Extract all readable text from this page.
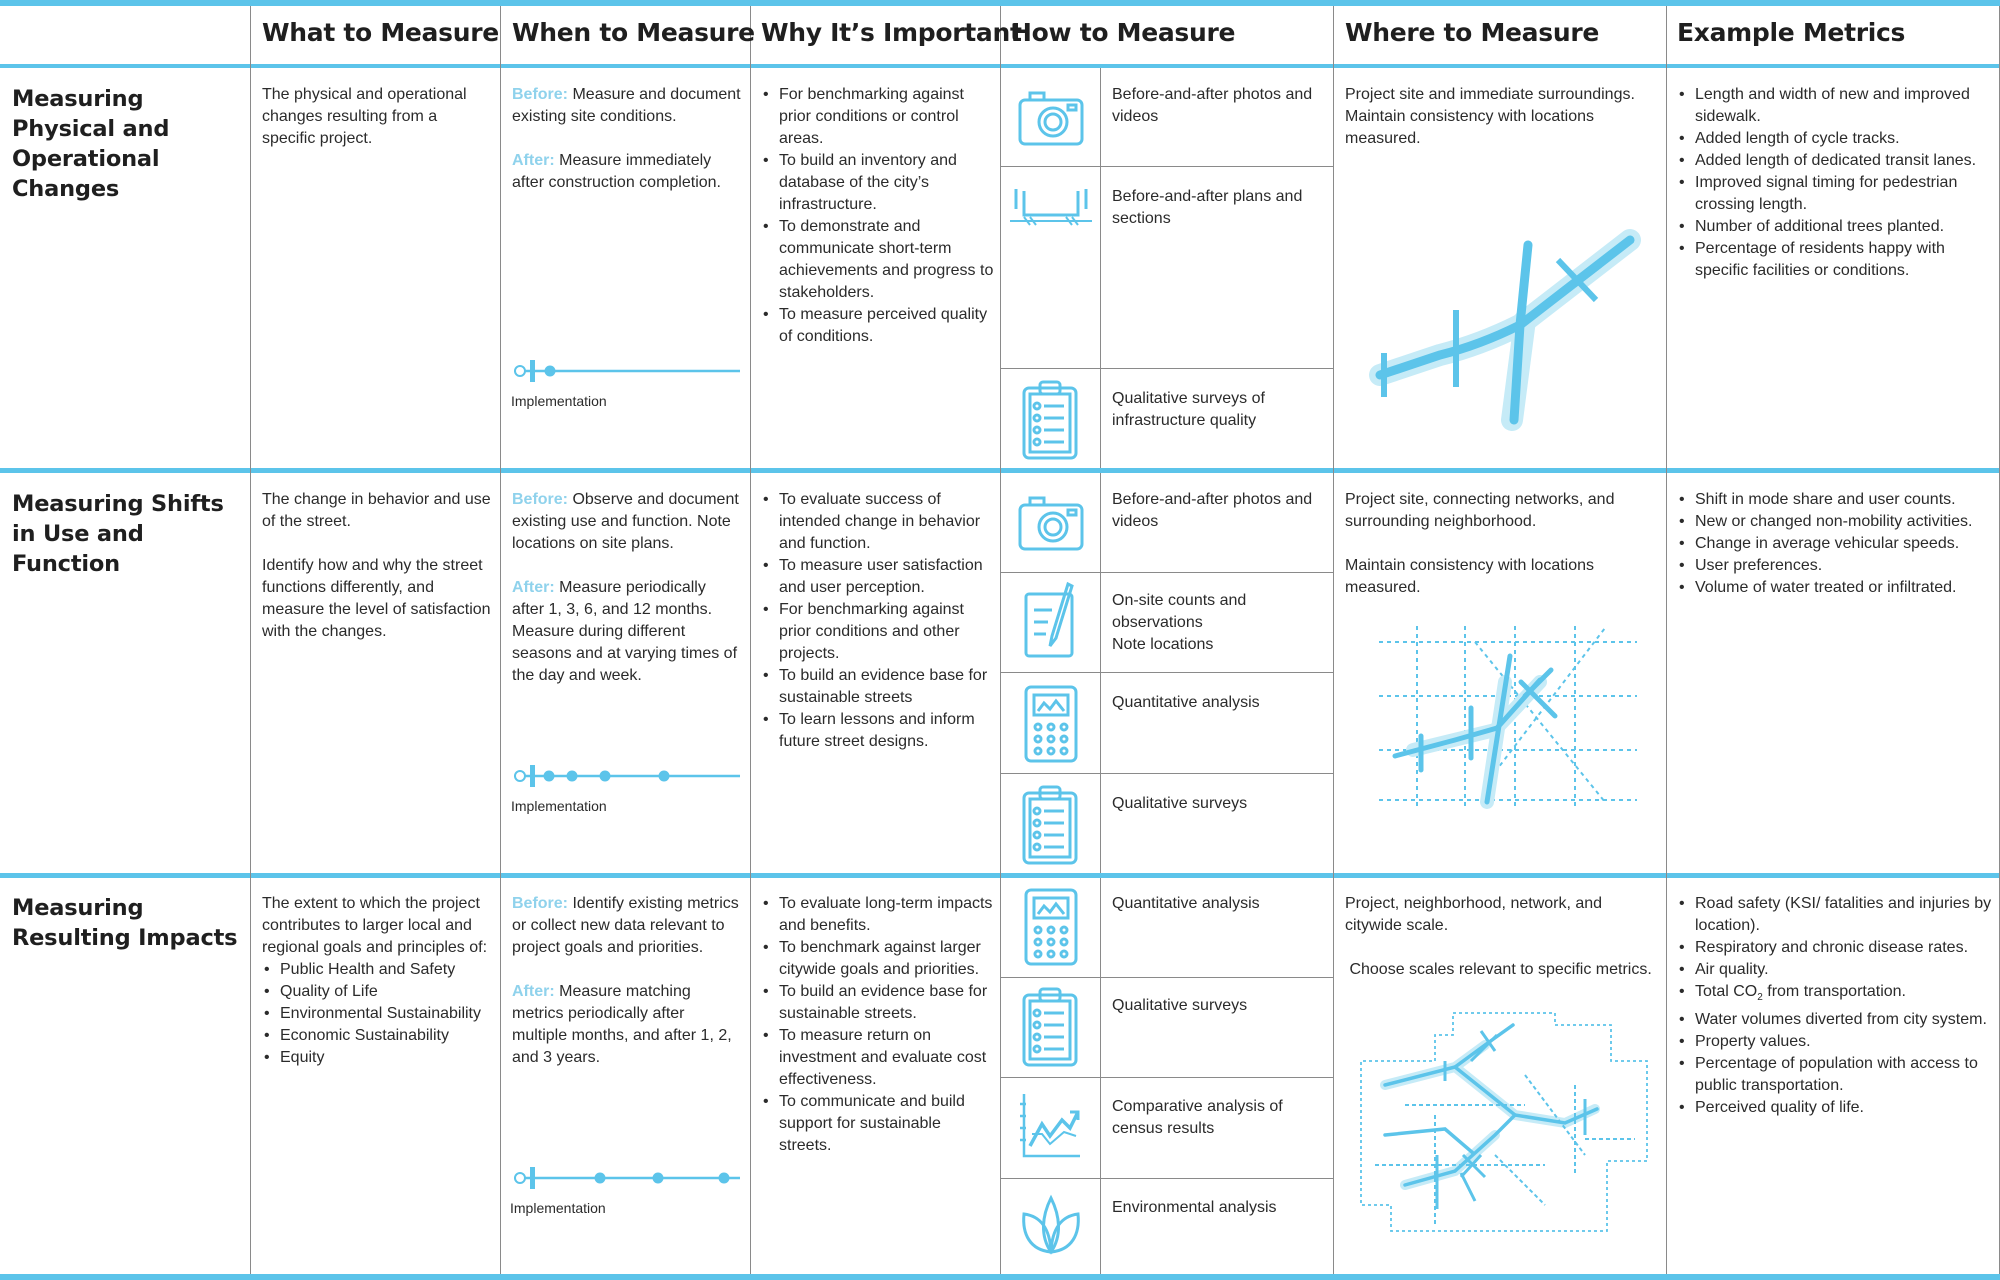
What to Measure When to Measure Why It’s Important
How to Measure	Where to Measure	Example Metrics
Measuring Physical and Operational Changes
The physical and operational changes resulting from a specific project.

Before: Measure and document existing site conditions.

After: Measure immediately after construction completion.

Implementation
• For benchmarking against prior conditions or control areas.
• To build an inventory and database of the city’s infrastructure.
• To demonstrate and communicate short-term achievements and progress to stakeholders.
• To measure perceived quality of conditions.
Before-and-after photos and videos
Before-and-after plans and sections
Qualitative surveys of infrastructure quality
Project site and immediate surroundings. Maintain consistency with locations measured.
• Length and width of new and improved sidewalk.
• Added length of cycle tracks.
• Added length of dedicated transit lanes.
• Improved signal timing for pedestrian crossing length.
• Number of additional trees planted.
• Percentage of residents happy with specific facilities or conditions.
Measuring Shifts in Use and Function

The change in behavior and use of the street.

Identify how and why the street functions differently, and measure the level of satisfaction with the changes.

Before: Observe and document existing use and function. Note locations on site plans.

After: Measure periodically after 1, 3, 6, and 12 months. Measure during different seasons and at varying times of the day and week.

Implementation
• To evaluate success of intended change in behavior and function.
• To measure user satisfaction and user perception.
• For benchmarking against prior conditions and other projects.
• To build an evidence base for sustainable streets
• To learn lessons and inform future street designs.
Before-and-after photos and videos
On-site counts and observations
Note locations
Quantitative analysis
Qualitative surveys

Project site, connecting networks, and surrounding neighborhood.

Maintain consistency with locations measured.

• Shift in mode share and user counts.
• New or changed non-mobility activities.
• Change in average vehicular speeds.
• User preferences.
• Volume of water treated or infiltrated.
Measuring Resulting Impacts
The extent to which the project contributes to larger local and regional goals and principles of:
• Public Health and Safety
• Quality of Life
• Environmental Sustainability
• Economic Sustainability
• Equity

Before: Identify existing metrics or collect new data relevant to project goals and priorities.

After: Measure matching metrics periodically after multiple months, and after 1, 2, and 3 years.

Implementation
• To evaluate long-term impacts and benefits.
• To benchmark against larger citywide goals and priorities.
• To build an evidence base for sustainable streets.
• To measure return on investment and evaluate cost effectiveness.
• To communicate and build support for sustainable streets.
Quantitative analysis
Qualitative surveys
Comparative analysis of census results
Environmental analysis

Project, neighborhood, network, and citywide scale.

Choose scales relevant to specific metrics.

• Road safety (KSI/ fatalities and injuries by location).
• Respiratory and chronic disease rates.
• Air quality.
• Total $CO_2$ from transportation.
• Water volumes diverted from city system.
• Property values.
• Percentage of population with access to public transportation.
• Perceived quality of life.
